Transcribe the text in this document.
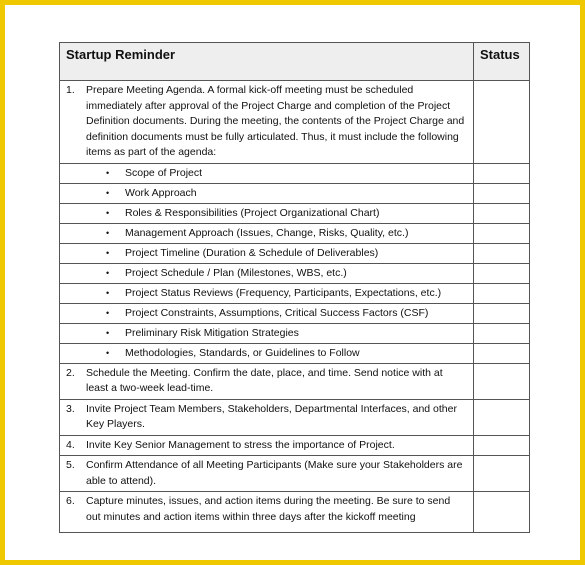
Startup Reminder	Status

1. Prepare Meeting Agenda. A formal kick-off meeting must be scheduled immediately after approval of the Project Charge and completion of the Project Definition documents. During the meeting, the contents of the Project Charge and definition documents must be fully articulated. Thus, it must include the following items as part of the agenda:	

• Scope of Project	

• Work Approach	

• Roles & Responsibilities (Project Organizational Chart)	

• Management Approach (Issues, Change, Risks, Quality, etc.)	

• Project Timeline (Duration & Schedule of Deliverables)	

• Project Schedule / Plan (Milestones, WBS, etc.)	

• Project Status Reviews (Frequency, Participants, Expectations, etc.)	

• Project Constraints, Assumptions, Critical Success Factors (CSF)	

• Preliminary Risk Mitigation Strategies	

• Methodologies, Standards, or Guidelines to Follow	

2. Schedule the Meeting. Confirm the date, place, and time. Send notice with at least a two-week lead-time.	

3. Invite Project Team Members, Stakeholders, Departmental Interfaces, and other Key Players.	

4. Invite Key Senior Management to stress the importance of Project.	

5. Confirm Attendance of all Meeting Participants (Make sure your Stakeholders are able to attend).	

6. Capture minutes, issues, and action items during the meeting. Be sure to send out minutes and action items within three days after the kickoff meeting	
